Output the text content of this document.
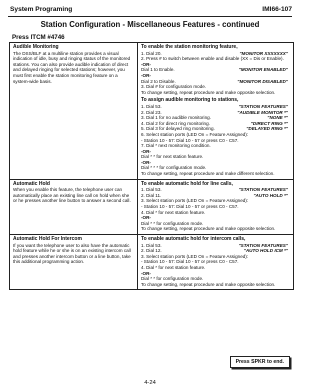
System Programing	IMI66-107
Station Configuration - Miscellaneous Features - continued
Press ITCM #4746
Audible Monitoring

The DSS/BLF at a multiline station provides a visual indication of idle, busy and ringing status of the monitored stations. You can also provide audible indication of direct and delayed ringing for selected stations; however, you must first enable the station monitoring feature on a system-wide basis.

To enable the station monitoring feature,
1. Dial 20.	"MONITOR XXXXXXX"
2. Press # to switch between enable and disable (XX = Dis or Enable).
-OR-
Dial 1 to Enable.	"MONITOR ENABLED"
-OR-
Dial 2 to Disable.	"MONITOR DISABLED"
3. Dial # for configuration mode.
To change setting, repeat procedure and make opposite selection.
To assign audible monitoring to stations,
1. Dial 53.	"STATION FEATURES"
2. Dial 23.	"AUDIBLE MONITOR *"
3. Dial 1 for no audible monitoring.	"NONE *"
4. Dial 2 for direct ring monitoring.	"DIRECT RING *"
5. Dial 3 for delayed ring monitoring.	"DELAYED RING *"
6. Select station ports (LED On = Feature Assigned):
- Station 10 - 57: Dial 10 - 57 or press C0 - C57.
7. Dial * next monitoring condition.
-OR-
Dial * * for next station feature.
-OR-
Dial * * * for configuration mode.
To change setting, repeat procedure and make different selection.
Automatic Hold

When you enable this feature, the telephone user can automatically place an existing line call on hold when she or he presses another line button to answer a second call.

To enable automatic hold for line calls,
1. Dial 53.	"STATION FEATURES"
2. Dial 11.	"AUTO HOLD *"
3. Select station ports (LED On = Feature Assigned):
- Station 10 - 57: Dial 10 - 57 or press C0 - C57.
4. Dial * for next station feature.
-OR-
Dial * * for configuration mode.
To change setting, repeat procedure and make opposite selection.
Automatic Hold For Intercom

If you want the telephone user to also have the automatic hold feature while he or she is on an existing intercom call and presses another intercom button or a line button, take this additional programming action.

To enable automatic hold for intercom calls,
1. Dial 53.	"STATION FEATURES"
2. Dial 12.	"AUTO HOLD ICM *"
3. Select station ports (LED On = Feature Assigned):
- Station 10 - 57: Dial 10 - 57 or press C0 - C57.
4. Dial * for next station feature.
-OR-
Dial * * for configuration mode.
To change setting, repeat procedure and make opposite selection.
Press SPKR to end.
4-24
